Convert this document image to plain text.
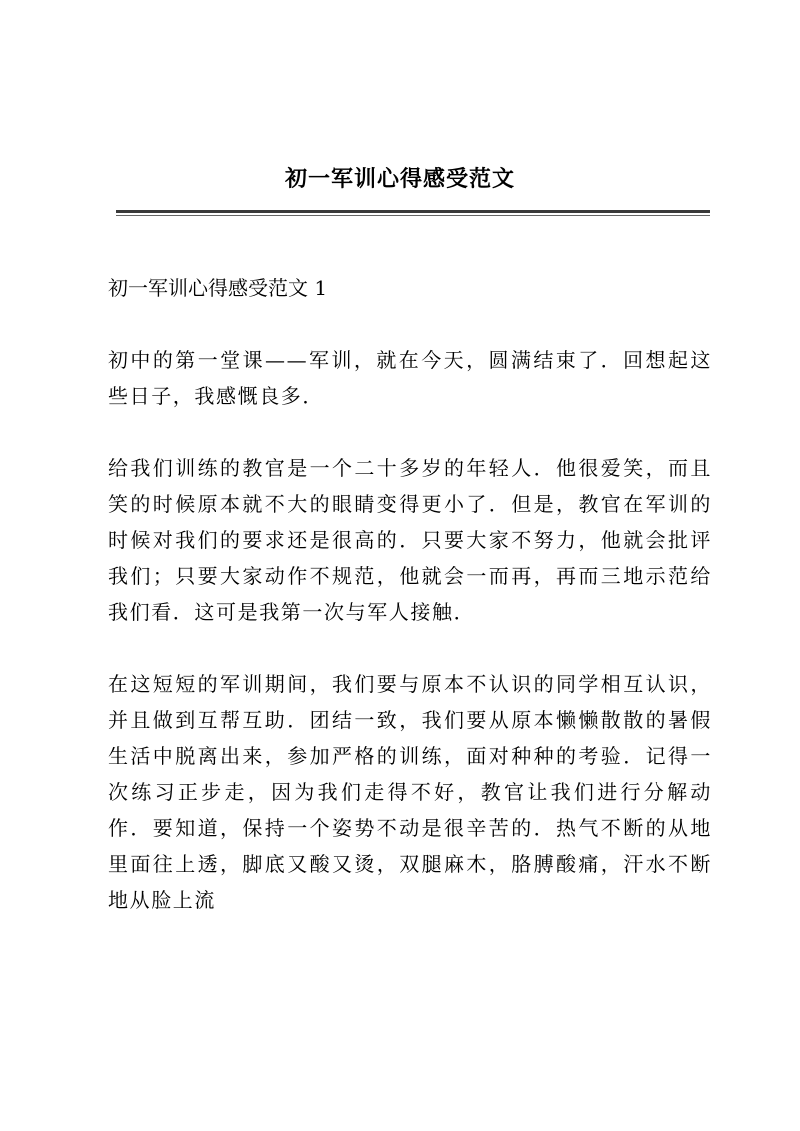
初一军训心得感受范文
初一军训心得感受范文 1

初中的第一堂课——军训，就在今天，圆满结束了．回想起这些日子，我感慨良多．

给我们训练的教官是一个二十多岁的年轻人．他很爱笑，而且笑的时候原本就不大的眼睛变得更小了．但是，教官在军训的时候对我们的要求还是很高的．只要大家不努力，他就会批评我们；只要大家动作不规范，他就会一而再，再而三地示范给我们看．这可是我第一次与军人接触．

在这短短的军训期间，我们要与原本不认识的同学相互认识，并且做到互帮互助．团结一致，我们要从原本懒懒散散的暑假生活中脱离出来，参加严格的训练，面对种种的考验．记得一次练习正步走，因为我们走得不好，教官让我们进行分解动作．要知道，保持一个姿势不动是很辛苦的．热气不断的从地里面往上透，脚底又酸又烫，双腿麻木，胳膊酸痛，汗水不断地从脸上流
